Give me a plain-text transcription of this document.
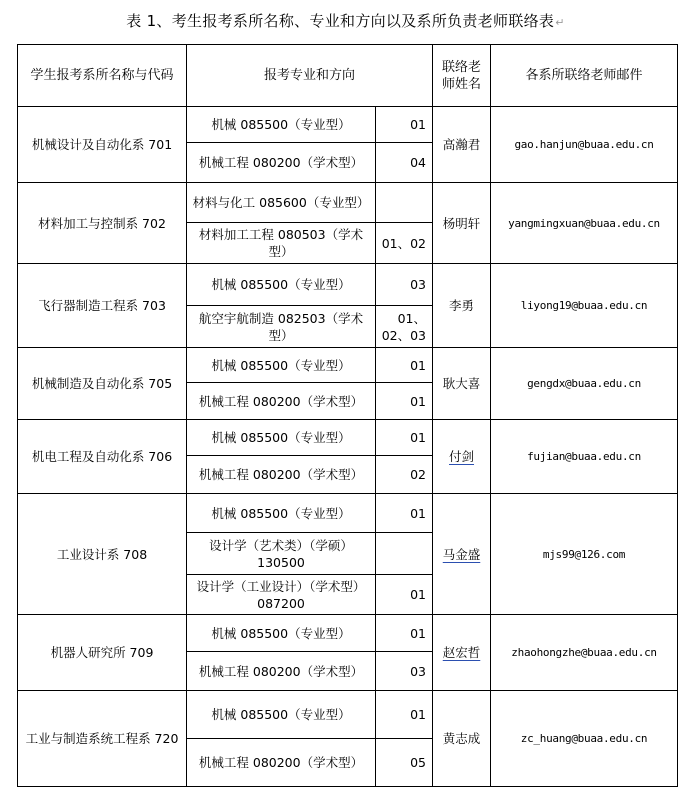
表 1、考生报考系所名称、专业和方向以及系所负责老师联络表↵
学生报考系所名称与代码	报考专业和方向		联络老师姓名	各系所联络老师邮件
机械设计及自动化系 701	机械 085500（专业型）	01	高瀚君	gao.hanjun@buaa.edu.cn
	机械工程 080200（学术型）	04		
材料加工与控制系 702	材料与化工 085600（专业型）		杨明轩	yangmingxuan@buaa.edu.cn
	材料加工工程 080503（学术型）	01、02		
飞行器制造工程系 703	机械 085500（专业型）	03	李勇	liyong19@buaa.edu.cn
	航空宇航制造 082503（学术型）	01、02、03		
机械制造及自动化系 705	机械 085500（专业型）	01	耿大喜	gengdx@buaa.edu.cn
	机械工程 080200（学术型）	01		
机电工程及自动化系 706	机械 085500（专业型）	01	付剑	fujian@buaa.edu.cn
	机械工程 080200（学术型）	02		
工业设计系 708	机械 085500（专业型）	01	马金盛	mjs99@126.com
	设计学（艺术类）（学硕）130500			
	设计学（工业设计）（学术型）087200	01		
机器人研究所 709	机械 085500（专业型）	01	赵宏哲	zhaohongzhe@buaa.edu.cn
	机械工程 080200（学术型）	03		
工业与制造系统工程系 720	机械 085500（专业型）	01	黄志成	zc_huang@buaa.edu.cn
	机械工程 080200（学术型）	05		
